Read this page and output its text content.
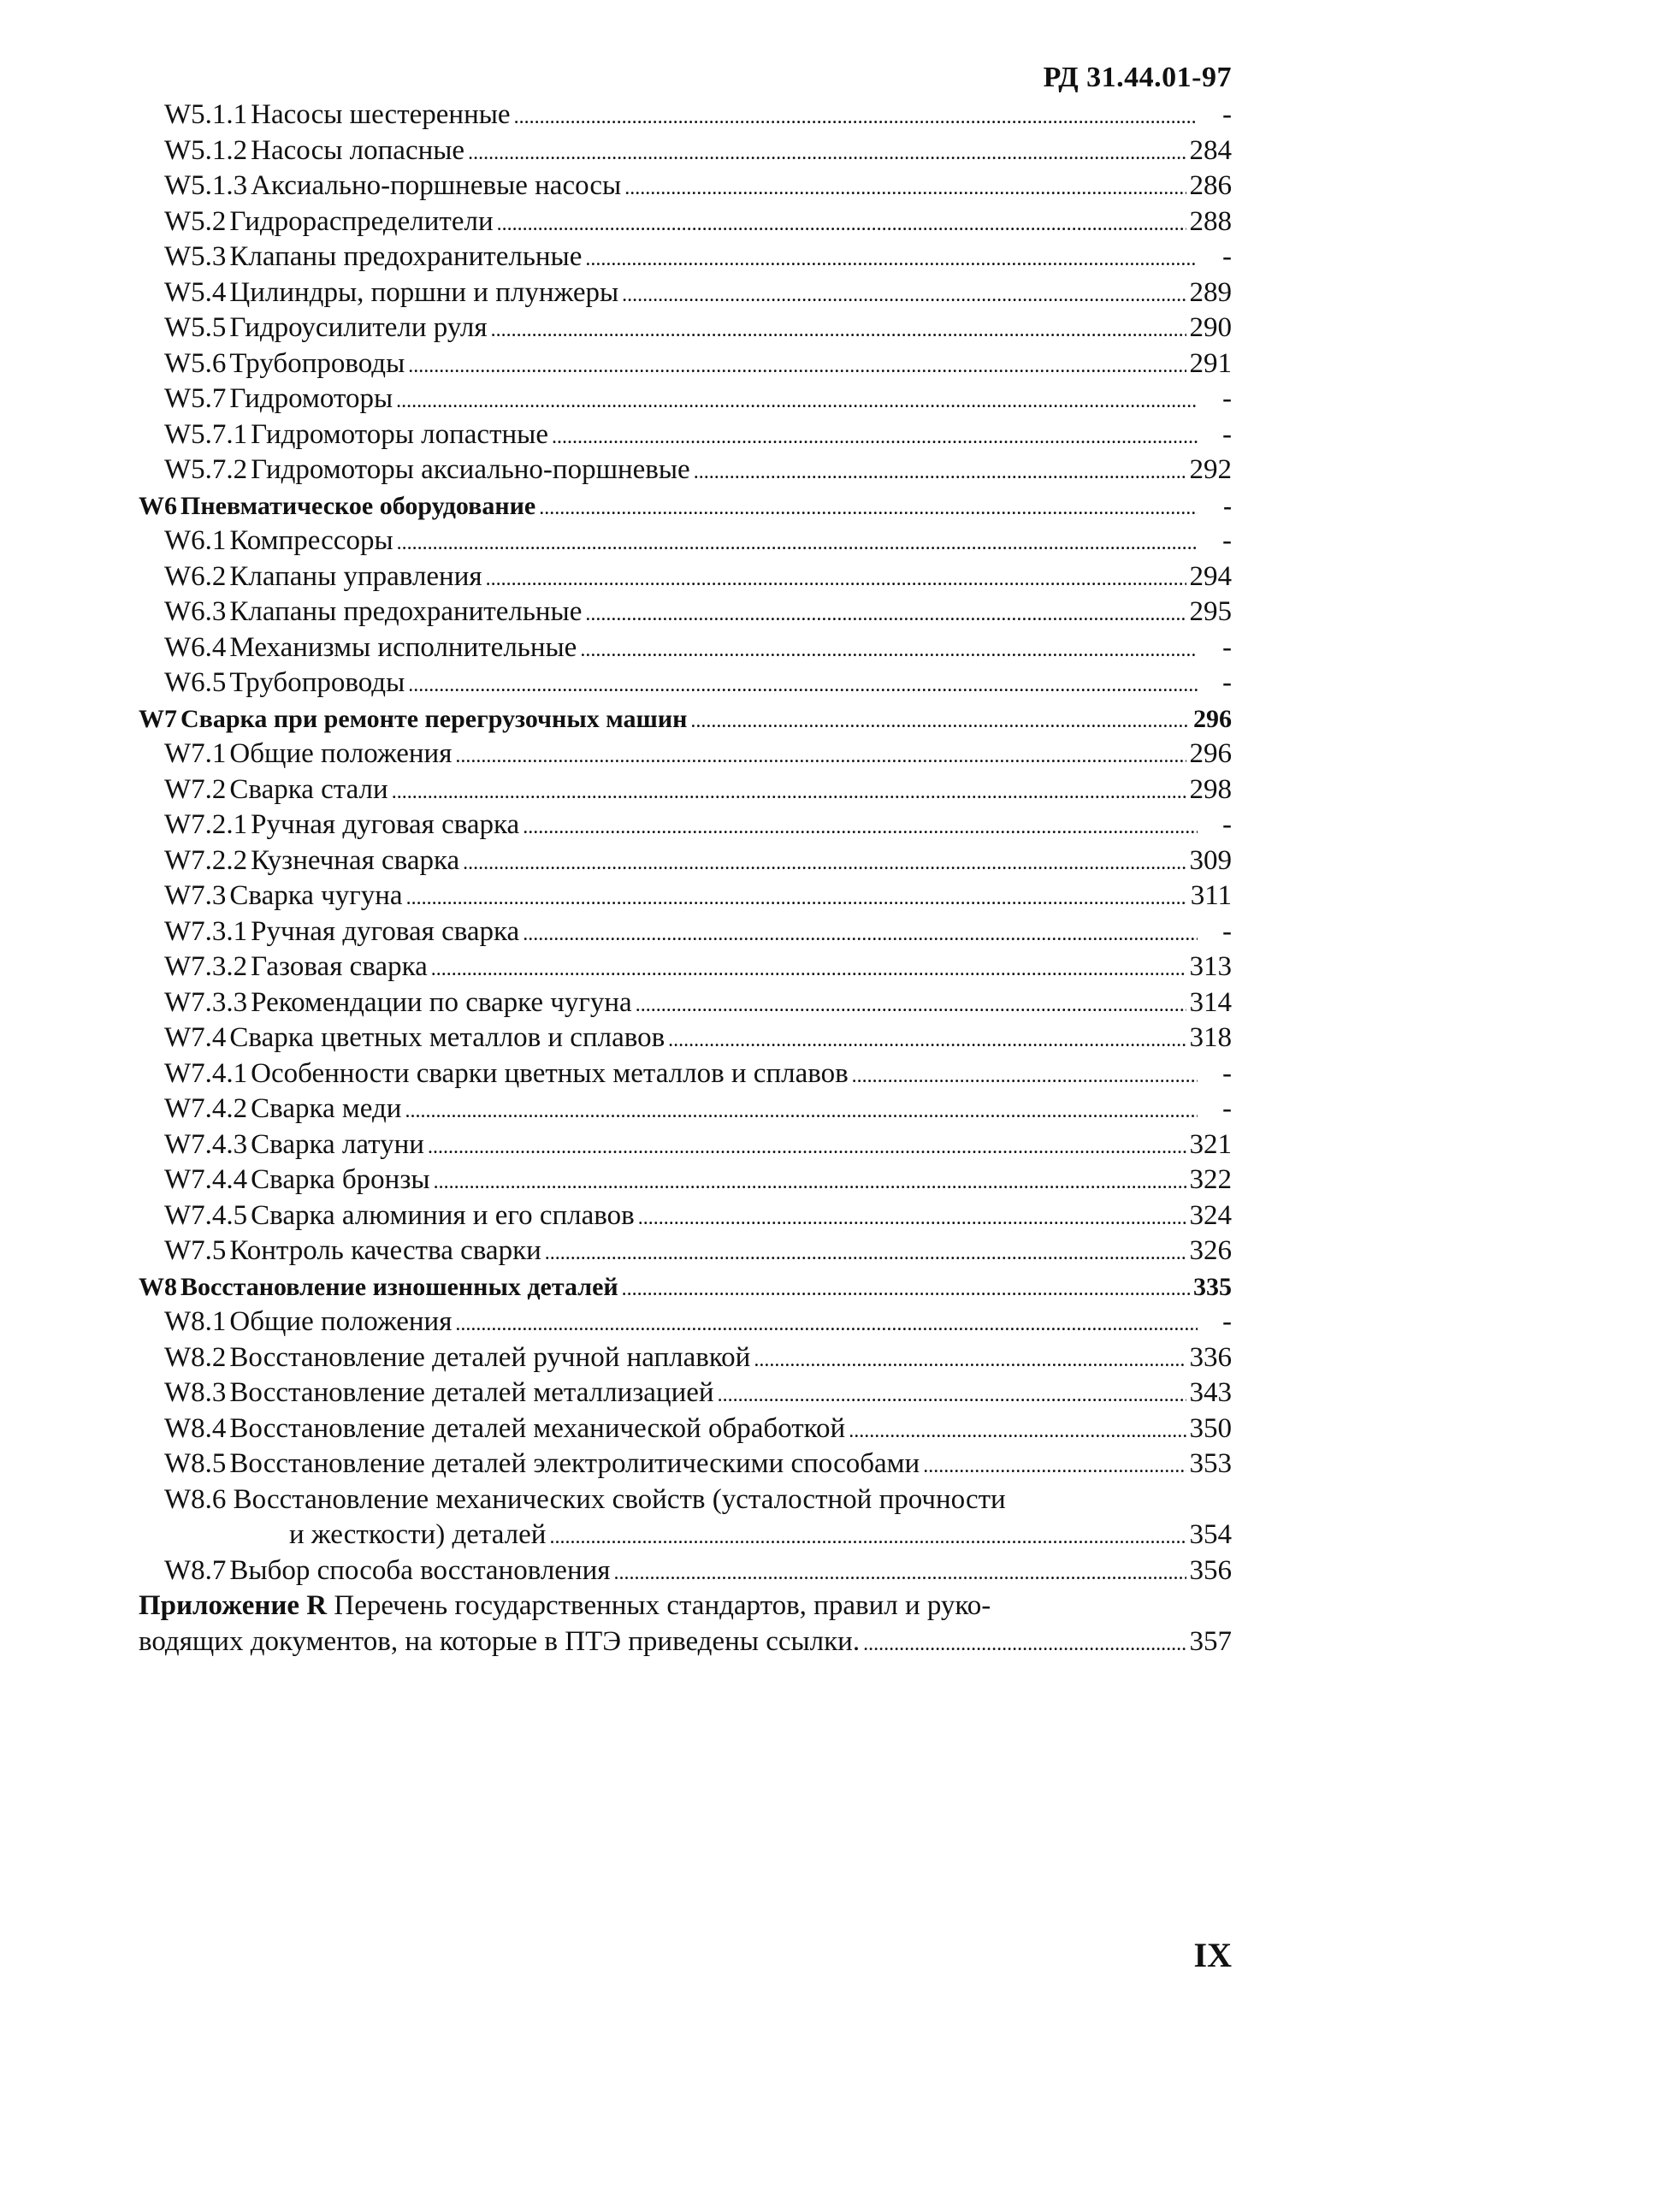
РД 31.44.01-97
W5.1.1 Насосы шестеренные . . .	-
W5.1.2 Насосы лопасные . . .	284
W5.1.3 Аксиально-поршневые насосы . . .	286
W5.2 Гидрораспределители . . .	288
W5.3 Клапаны предохранительные . . .	-
W5.4 Цилиндры, поршни и плунжеры . . .	289
W5.5 Гидроусилители руля . . .	290
W5.6 Трубопроводы . . .	291
W5.7 Гидромоторы . . .	-
W5.7.1 Гидромоторы лопастные . . .	-
W5.7.2 Гидромоторы аксиально-поршневые . . .	292
W6 Пневматическое оборудование . . .	-
W6.1 Компрессоры . . .	-
W6.2 Клапаны управления . . .	294
W6.3 Клапаны предохранительные . . .	295
W6.4 Механизмы исполнительные . . .	-
W6.5 Трубопроводы . . .	-
W7 Сварка при ремонте перегрузочных машин . . .	296
W7.1 Общие положения . . .	296
W7.2 Сварка стали . . .	298
W7.2.1 Ручная дуговая сварка . . .	-
W7.2.2 Кузнечная сварка . . .	309
W7.3 Сварка чугуна . . .	311
W7.3.1 Ручная дуговая сварка . . .	-
W7.3.2 Газовая сварка . . .	313
W7.3.3 Рекомендации по сварке чугуна . . .	314
W7.4 Сварка цветных металлов и сплавов . . .	318
W7.4.1 Особенности сварки цветных металлов и сплавов . . .	-
W7.4.2 Сварка меди . . .	-
W7.4.3 Сварка латуни . . .	321
W7.4.4 Сварка бронзы . . .	322
W7.4.5 Сварка алюминия и его сплавов . . .	324
W7.5 Контроль качества сварки . . .	326
W8 Восстановление изношенных деталей . . .	335
W8.1 Общие положения . . .	-
W8.2 Восстановление деталей ручной наплавкой . . .	336
W8.3 Восстановление деталей металлизацией . . .	343
W8.4 Восстановление деталей механической обработкой . . .	350
W8.5 Восстановление деталей электролитическими способами . . .	353
W8.6 Восстановление механических свойств (усталостной прочности
и жесткости) деталей . . .	354
W8.7 Выбор способа восстановления . . .	356
Приложение R Перечень государственных стандартов, правил и руко-
водящих документов, на которые в ПТЭ приведены ссылки. . . .	357
IX
